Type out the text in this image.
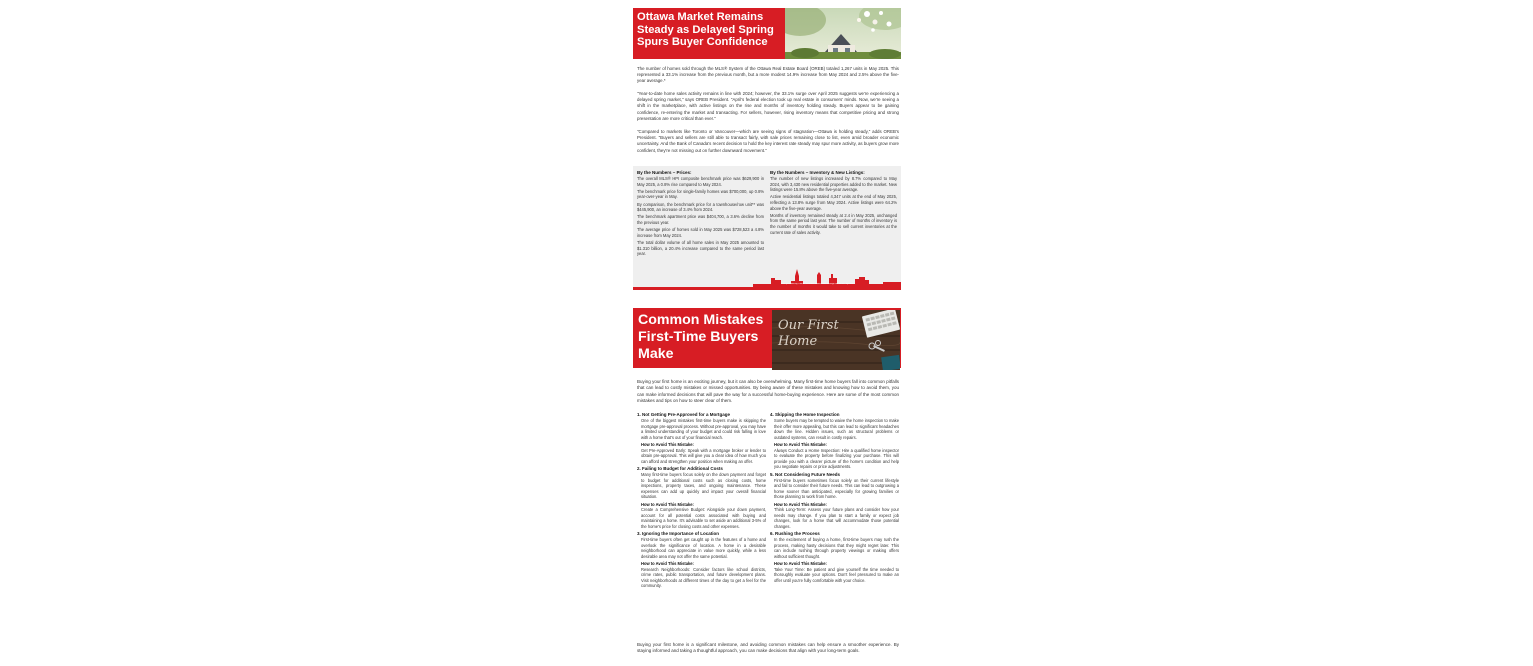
Ottawa Market Remains Steady as Delayed Spring Spurs Buyer Confidence
The number of homes sold through the MLS® System of the Ottawa Real Estate Board (OREB) totaled 1,267 units in May 2025. This represented a 33.1% increase from the previous month, but a more modest 14.9% increase from May 2024 and 2.5% above the five-year average.*
"Year-to-date home sales activity remains in line with 2024; however, the 33.1% surge over April 2025 suggests we're experiencing a delayed spring market," says OREB President. "April's federal election took up real estate in consumers' minds. Now, we're seeing a shift in the marketplace, with active listings on the rise and months of inventory holding steady. Buyers appear to be gaining confidence, re-entering the market and transacting. For sellers, however, rising inventory means that competitive pricing and strong presentation are more critical than ever."
"Compared to markets like Toronto or Vancouver—which are seeing signs of stagnation—Ottawa is holding steady," adds OREB's President. "Buyers and sellers are still able to transact fairly, with sale prices remaining close to list, even amid broader economic uncertainty. And the Bank of Canada's recent decision to hold the key interest rate steady may spur more activity, as buyers grow more confident, they're not missing out on further downward movement."
By the Numbers – Prices:
The overall MLS® HPI composite benchmark price was $629,900 in May 2025, a 0.8% rise compared to May 2024.
The benchmark price for single-family homes was $700,000, up 0.8% year-over-year in May.
By comparison, the benchmark price for a townhouse/row unit** was $445,900, an increase of 3.4% from 2024.
The benchmark apartment price was $404,700, a 3.6% decline from the previous year.
The average price of homes sold in May 2025 was $728,523 a 4.8% increase from May 2024.
The total dollar volume of all home sales in May 2025 amounted to $1.310 billion, a 20.4% increase compared to the same period last year.
By the Numbers – Inventory & New Listings:
The number of new listings increased by 8.7% compared to May 2024, with 3,430 new residential properties added to the market. New listings were 15.8% above the five-year average.
Active residential listings totaled 4,347 units at the end of May 2025, reflecting a 13.8% surge from May 2024. Active listings were 64.2% above the five-year average.
Months of inventory remained steady at 2.4 in May 2025, unchanged from the same period last year. The number of months of inventory is the number of months it would take to sell current inventories at the current rate of sales activity.
Data provided by OREB. Statistics reflect sales through the MLS® System.
Common Mistakes
First-Time Buyers
Make
Our First Home
Buying your first home is an exciting journey, but it can also be overwhelming. Many first-time home buyers fall into common pitfalls that can lead to costly mistakes or missed opportunities. By being aware of these mistakes and knowing how to avoid them, you can make informed decisions that will pave the way for a successful home-buying experience. Here are some of the most common mistakes and tips on how to steer clear of them.
1. Not Getting Pre-Approved for a Mortgage
One of the biggest mistakes first-time buyers make is skipping the mortgage pre-approval process. Without pre-approval, you may have a limited understanding of your budget and could risk falling in love with a home that's out of your financial reach.
How to Avoid This Mistake:
Get Pre-Approved Early: Speak with a mortgage broker or lender to obtain pre-approval. This will give you a clear idea of how much you can afford and strengthen your position when making an offer.
2. Failing to Budget for Additional Costs
Many first-time buyers focus solely on the down payment and forget to budget for additional costs such as closing costs, home inspections, property taxes, and ongoing maintenance. These expenses can add up quickly and impact your overall financial situation.
How to Avoid This Mistake:
Create a Comprehensive Budget: Alongside your down payment, account for all potential costs associated with buying and maintaining a home. It's advisable to set aside an additional 3-5% of the home's price for closing costs and other expenses.
3. Ignoring the Importance of Location
First-time buyers often get caught up in the features of a home and overlook the significance of location. A home in a desirable neighborhood can appreciate in value more quickly, while a less desirable area may not offer the same potential.
How to Avoid This Mistake:
Research Neighborhoods: Consider factors like school districts, crime rates, public transportation, and future development plans. Visit neighborhoods at different times of the day to get a feel for the community.
4. Skipping the Home Inspection
Some buyers may be tempted to waive the home inspection to make their offer more appealing, but this can lead to significant headaches down the line. Hidden issues, such as structural problems or outdated systems, can result in costly repairs.
How to Avoid This Mistake:
Always Conduct a Home Inspection: Hire a qualified home inspector to evaluate the property before finalizing your purchase. This will provide you with a clearer picture of the home's condition and help you negotiate repairs or price adjustments.
5. Not Considering Future Needs
First-time buyers sometimes focus solely on their current lifestyle and fail to consider their future needs. This can lead to outgrowing a home sooner than anticipated, especially for growing families or those planning to work from home.
How to Avoid This Mistake:
Think Long-Term: Assess your future plans and consider how your needs may change. If you plan to start a family or expect job changes, look for a home that will accommodate those potential changes.
6. Rushing the Process
In the excitement of buying a home, first-time buyers may rush the process, making hasty decisions that they might regret later. This can include rushing through property viewings or making offers without sufficient thought.
How to Avoid This Mistake:
Take Your Time: Be patient and give yourself the time needed to thoroughly evaluate your options. Don't feel pressured to make an offer until you're fully comfortable with your choice.
Buying your first home is a significant milestone, and avoiding common mistakes can help ensure a smoother experience. By staying informed and taking a thoughtful approach, you can make decisions that align with your long-term goals.
